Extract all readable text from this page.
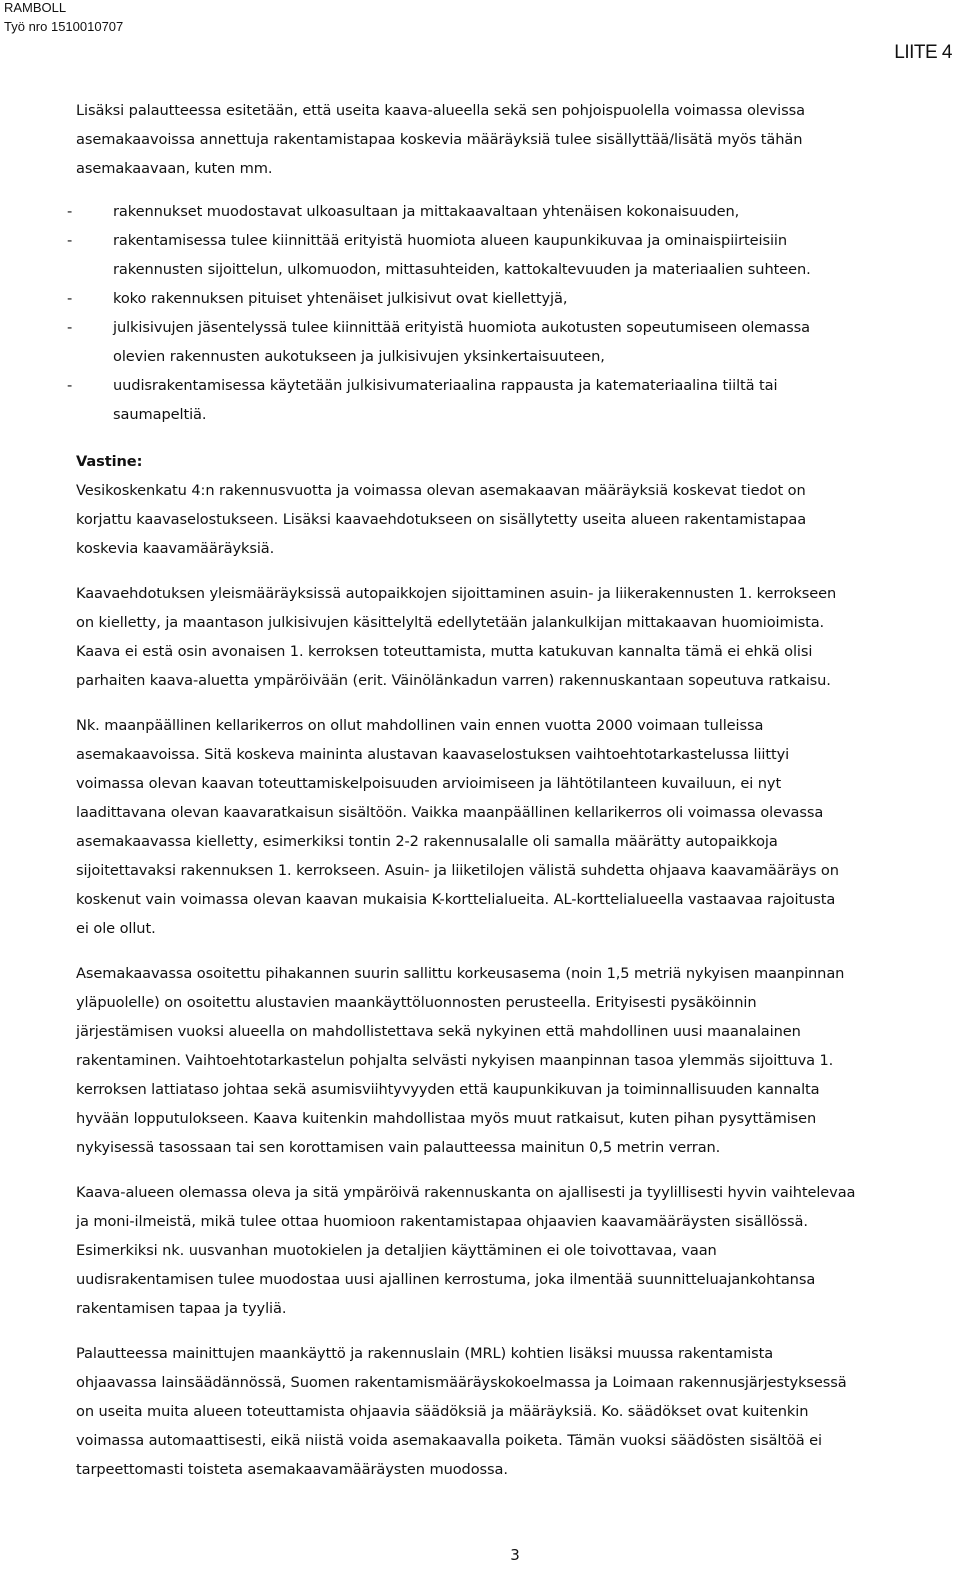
RAMBOLL
Työ nro 1510010707
LIITE 4

Lisäksi palautteessa esitetään, että useita kaava-alueella sekä sen pohjoispuolella voimassa olevissa

asemakaavoissa annettuja rakentamistapaa koskevia määräyksiä tulee sisällyttää/lisätä myös tähän

asemakaavaan, kuten mm.

-	rakennukset muodostavat ulkoasultaan ja mittakaavaltaan yhtenäisen kokonaisuuden,

-	rakentamisessa tulee kiinnittää erityistä huomiota alueen kaupunkikuvaa ja ominaispiirteisiin

rakennusten sijoittelun, ulkomuodon, mittasuhteiden, kattokaltevuuden ja materiaalien suhteen.

-	koko rakennuksen pituiset yhtenäiset julkisivut ovat kiellettyjä,

-	julkisivujen jäsentelyssä tulee kiinnittää erityistä huomiota aukotusten sopeutumiseen olemassa

olevien rakennusten aukotukseen ja julkisivujen yksinkertaisuuteen,

-	uudisrakentamisessa käytetään julkisivumateriaalina rappausta ja katemateriaalina tiiltä tai

saumapeltiä.

Vastine:

Vesikoskenkatu 4:n rakennusvuotta ja voimassa olevan asemakaavan määräyksiä koskevat tiedot on

korjattu kaavaselostukseen. Lisäksi kaavaehdotukseen on sisällytetty useita alueen rakentamistapaa

koskevia kaavamääräyksiä.

Kaavaehdotuksen yleismääräyksissä autopaikkojen sijoittaminen asuin- ja liikerakennusten 1. kerrokseen

on kielletty, ja maantason julkisivujen käsittelyltä edellytetään jalankulkijan mittakaavan huomioimista.

Kaava ei estä osin avonaisen 1. kerroksen toteuttamista, mutta katukuvan kannalta tämä ei ehkä olisi

parhaiten kaava-aluetta ympäröivään (erit. Väinölänkadun varren) rakennuskantaan sopeutuva ratkaisu.

Nk. maanpäällinen kellarikerros on ollut mahdollinen vain ennen vuotta 2000 voimaan tulleissa

asemakaavoissa. Sitä koskeva maininta alustavan kaavaselostuksen vaihtoehtotarkastelussa liittyi

voimassa olevan kaavan toteuttamiskelpoisuuden arvioimiseen ja lähtötilanteen kuvailuun, ei nyt

laadittavana olevan kaavaratkaisun sisältöön. Vaikka maanpäällinen kellarikerros oli voimassa olevassa

asemakaavassa kielletty, esimerkiksi tontin 2-2 rakennusalalle oli samalla määrätty autopaikkoja

sijoitettavaksi rakennuksen 1. kerrokseen. Asuin- ja liiketilojen välistä suhdetta ohjaava kaavamääräys on

koskenut vain voimassa olevan kaavan mukaisia K-korttelialueita. AL-korttelialueella vastaavaa rajoitusta

ei ole ollut.

Asemakaavassa osoitettu pihakannen suurin sallittu korkeusasema (noin 1,5 metriä nykyisen maanpinnan

yläpuolelle) on osoitettu alustavien maankäyttöluonnosten perusteella. Erityisesti pysäköinnin

järjestämisen vuoksi alueella on mahdollistettava sekä nykyinen että mahdollinen uusi maanalainen

rakentaminen. Vaihtoehtotarkastelun pohjalta selvästi nykyisen maanpinnan tasoa ylemmäs sijoittuva 1.

kerroksen lattiataso johtaa sekä asumisviihtyvyyden että kaupunkikuvan ja toiminnallisuuden kannalta

hyvään lopputulokseen. Kaava kuitenkin mahdollistaa myös muut ratkaisut, kuten pihan pysyttämisen

nykyisessä tasossaan tai sen korottamisen vain palautteessa mainitun 0,5 metrin verran.

Kaava-alueen olemassa oleva ja sitä ympäröivä rakennuskanta on ajallisesti ja tyylillisesti hyvin vaihtelevaa

ja moni-ilmeistä, mikä tulee ottaa huomioon rakentamistapaa ohjaavien kaavamääräysten sisällössä.

Esimerkiksi nk. uusvanhan muotokielen ja detaljien käyttäminen ei ole toivottavaa, vaan

uudisrakentamisen tulee muodostaa uusi ajallinen kerrostuma, joka ilmentää suunnitteluajankohtansa

rakentamisen tapaa ja tyyliä.

Palautteessa mainittujen maankäyttö ja rakennuslain (MRL) kohtien lisäksi muussa rakentamista

ohjaavassa lainsäädännössä, Suomen rakentamismääräyskokoelmassa ja Loimaan rakennusjärjestyksessä

on useita muita alueen toteuttamista ohjaavia säädöksiä ja määräyksiä. Ko. säädökset ovat kuitenkin

voimassa automaattisesti, eikä niistä voida asemakaavalla poiketa. Tämän vuoksi säädösten sisältöä ei

tarpeettomasti toisteta asemakaavamääräysten muodossa.

3
